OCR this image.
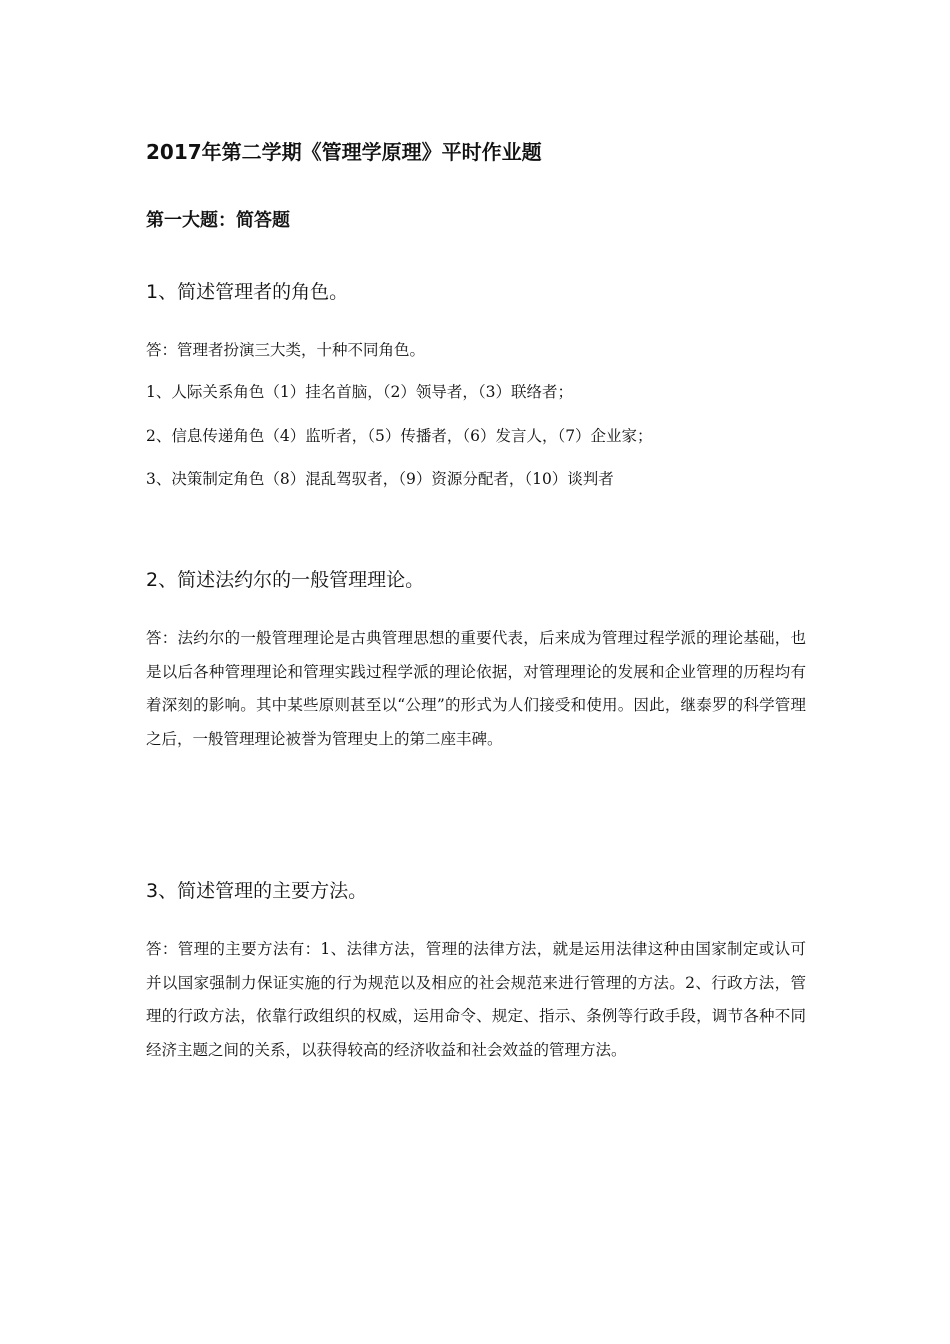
2017年第二学期《管理学原理》平时作业题
第一大题：简答题

1、简述管理者的角色。

答：管理者扮演三大类，十种不同角色。

1、人际关系角色（1）挂名首脑，（2）领导者，（3）联络者；

2、信息传递角色（4）监听者，（5）传播者，（6）发言人，（7）企业家；

3、决策制定角色（8）混乱驾驭者，（9）资源分配者，（10）谈判者

2、简述法约尔的一般管理理论。

答：法约尔的一般管理理论是古典管理思想的重要代表，后来成为管理过程学派的理论基础，也是以后各种管理理论和管理实践过程学派的理论依据，对管理理论的发展和企业管理的历程均有着深刻的影响。其中某些原则甚至以“公理”的形式为人们接受和使用。因此，继泰罗的科学管理之后，一般管理理论被誉为管理史上的第二座丰碑。

3、简述管理的主要方法。

答：管理的主要方法有：1、法律方法，管理的法律方法，就是运用法律这种由国家制定或认可并以国家强制力保证实施的行为规范以及相应的社会规范来进行管理的方法。2、行政方法，管理的行政方法，依靠行政组织的权威，运用命令、规定、指示、条例等行政手段，调节各种不同经济主题之间的关系，以获得较高的经济收益和社会效益的管理方法。
